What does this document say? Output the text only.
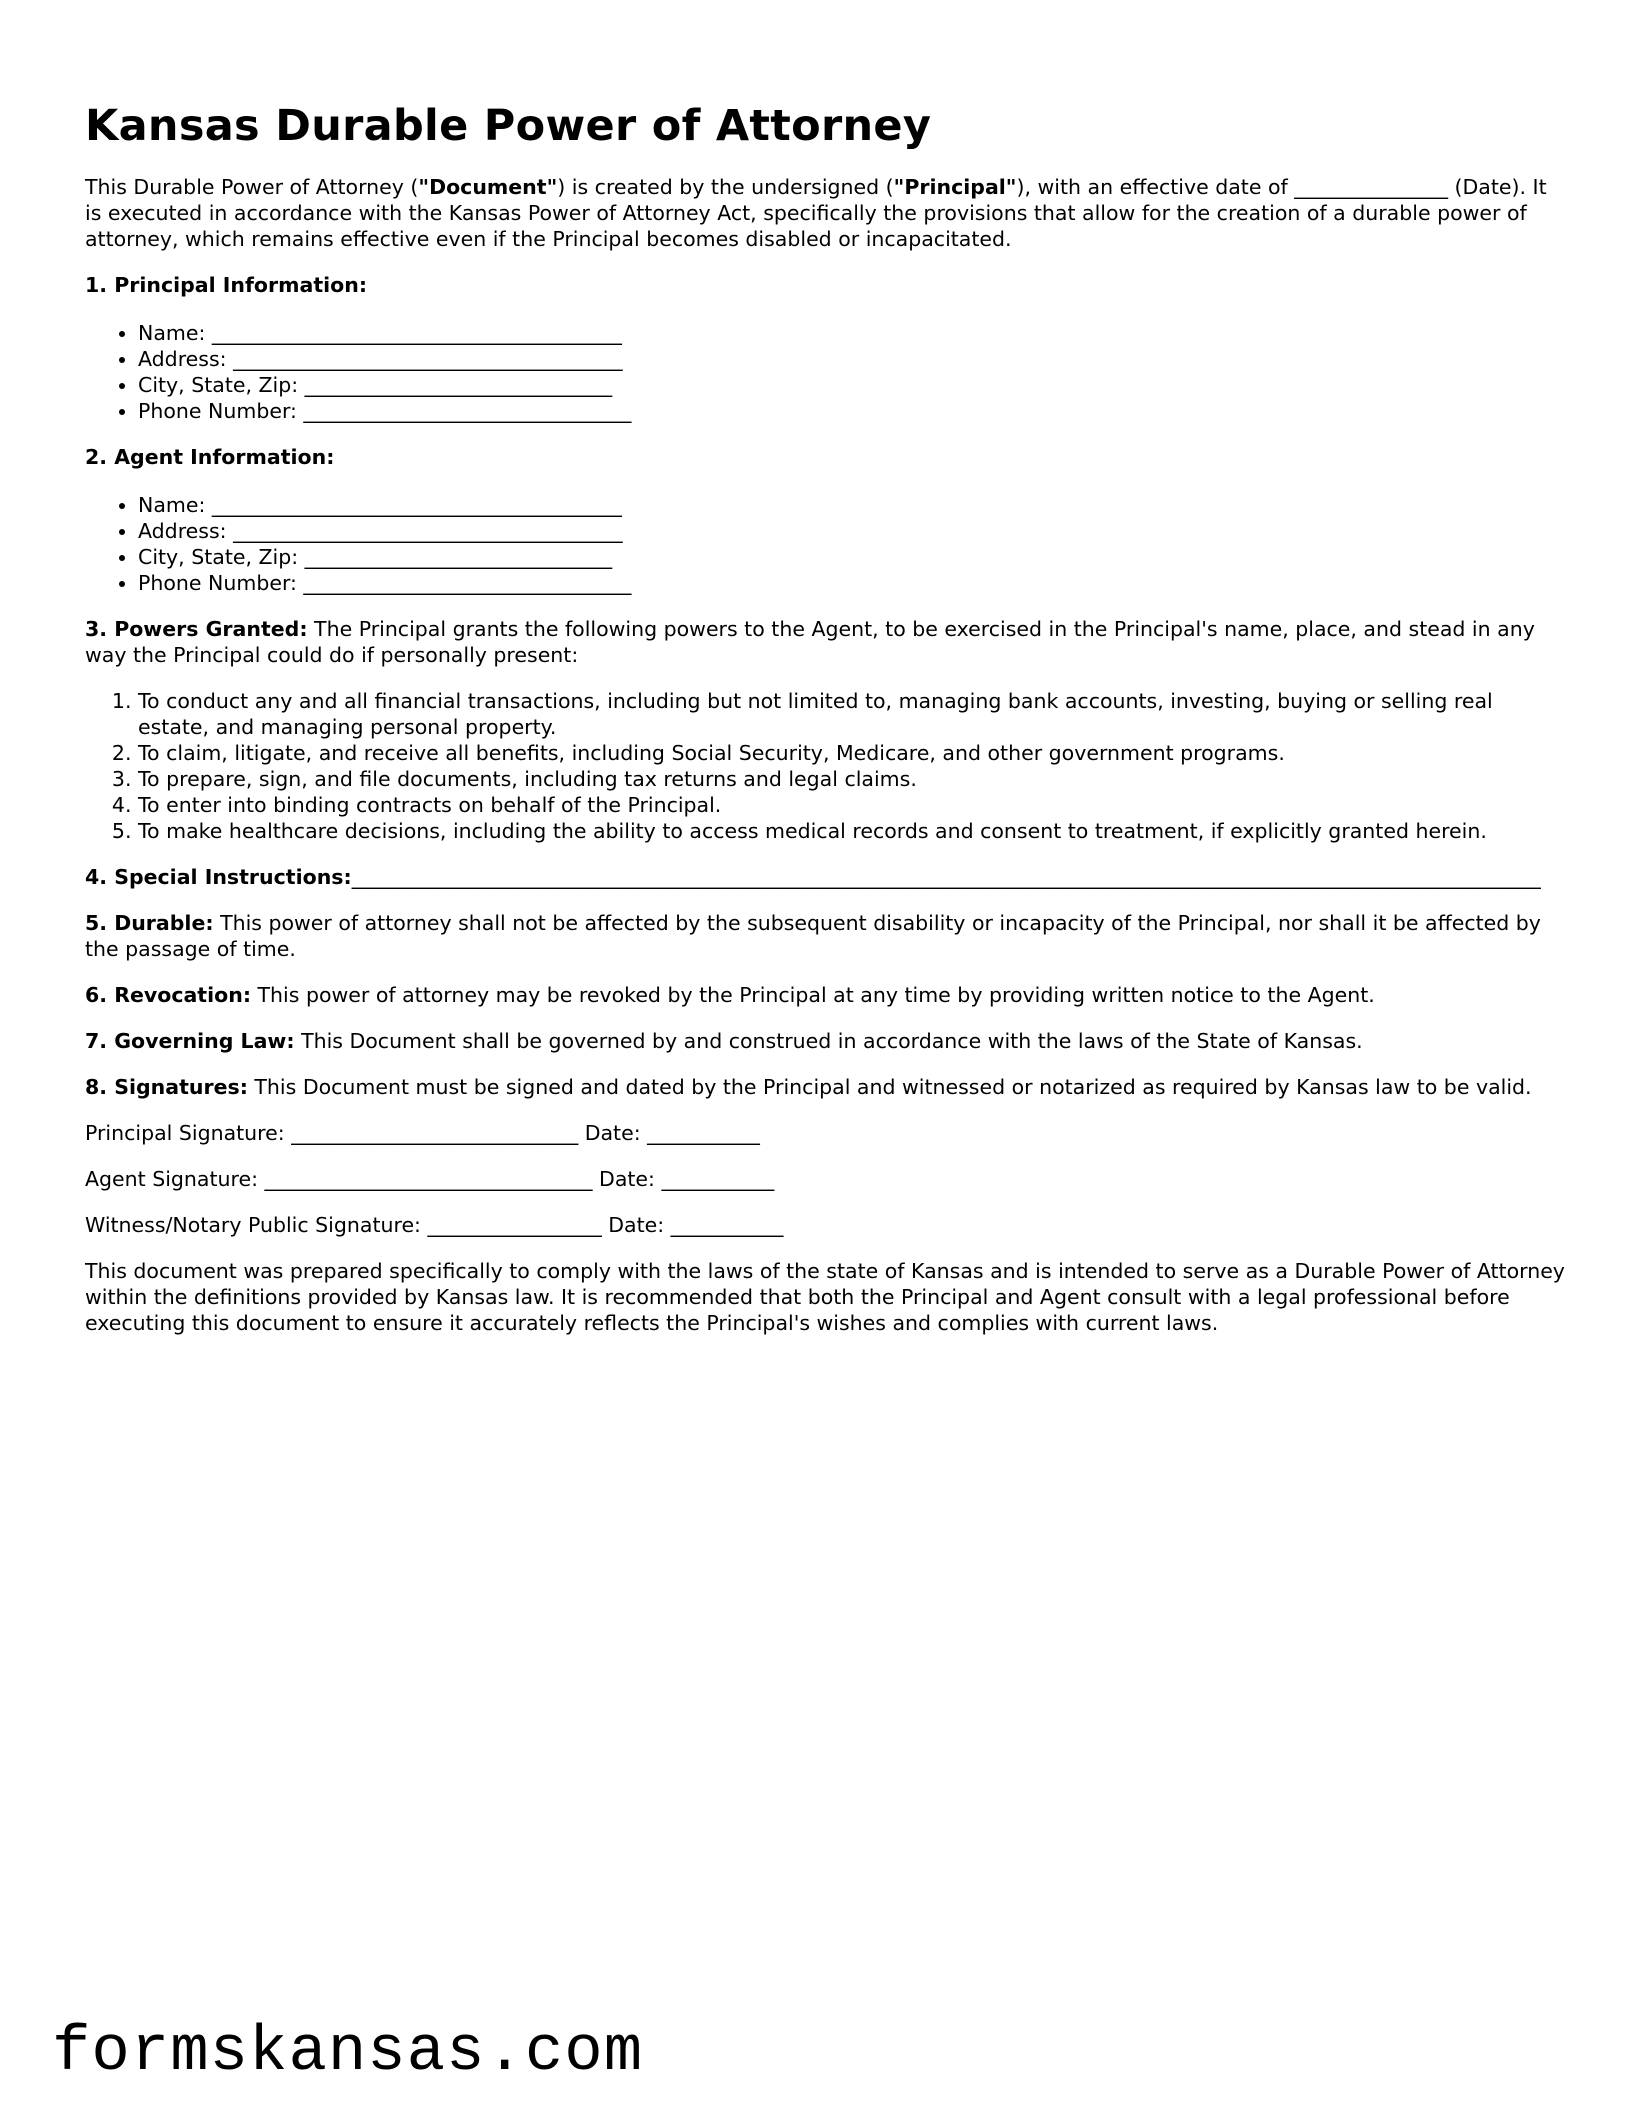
Kansas Durable Power of Attorney

This Durable Power of Attorney ("Document") is created by the undersigned ("Principal"), with an effective date of _______________ (Date). It is executed in accordance with the Kansas Power of Attorney Act, specifically the provisions that allow for the creation of a durable power of attorney, which remains effective even if the Principal becomes disabled or incapacitated.

1. Principal Information:
• Name: ________________________________________
• Address: ______________________________________
• City, State, Zip: ______________________________
• Phone Number: ________________________________
2. Agent Information:
• Name: ________________________________________
• Address: ______________________________________
• City, State, Zip: ______________________________
• Phone Number: ________________________________

3. Powers Granted: The Principal grants the following powers to the Agent, to be exercised in the Principal's name, place, and stead in any way the Principal could do if personally present:

1. To conduct any and all financial transactions, including but not limited to, managing bank accounts, investing, buying or selling real estate, and managing personal property.
2. To claim, litigate, and receive all benefits, including Social Security, Medicare, and other government programs.
3. To prepare, sign, and file documents, including tax returns and legal claims.
4. To enter into binding contracts on behalf of the Principal.
5. To make healthcare decisions, including the ability to access medical records and consent to treatment, if explicitly granted herein.
4. Special Instructions:____________________________________________________________________________________________________________________

5. Durable: This power of attorney shall not be affected by the subsequent disability or incapacity of the Principal, nor shall it be affected by the passage of time.

6. Revocation: This power of attorney may be revoked by the Principal at any time by providing written notice to the Agent.

7. Governing Law: This Document shall be governed by and construed in accordance with the laws of the State of Kansas.

8. Signatures: This Document must be signed and dated by the Principal and witnessed or notarized as required by Kansas law to be valid.

Principal Signature: ____________________________ Date: ___________
Agent Signature: ________________________________ Date: ___________
Witness/Notary Public Signature: _________________ Date: ___________

This document was prepared specifically to comply with the laws of the state of Kansas and is intended to serve as a Durable Power of Attorney within the definitions provided by Kansas law. It is recommended that both the Principal and Agent consult with a legal professional before executing this document to ensure it accurately reflects the Principal's wishes and complies with current laws.

formskansas.com
